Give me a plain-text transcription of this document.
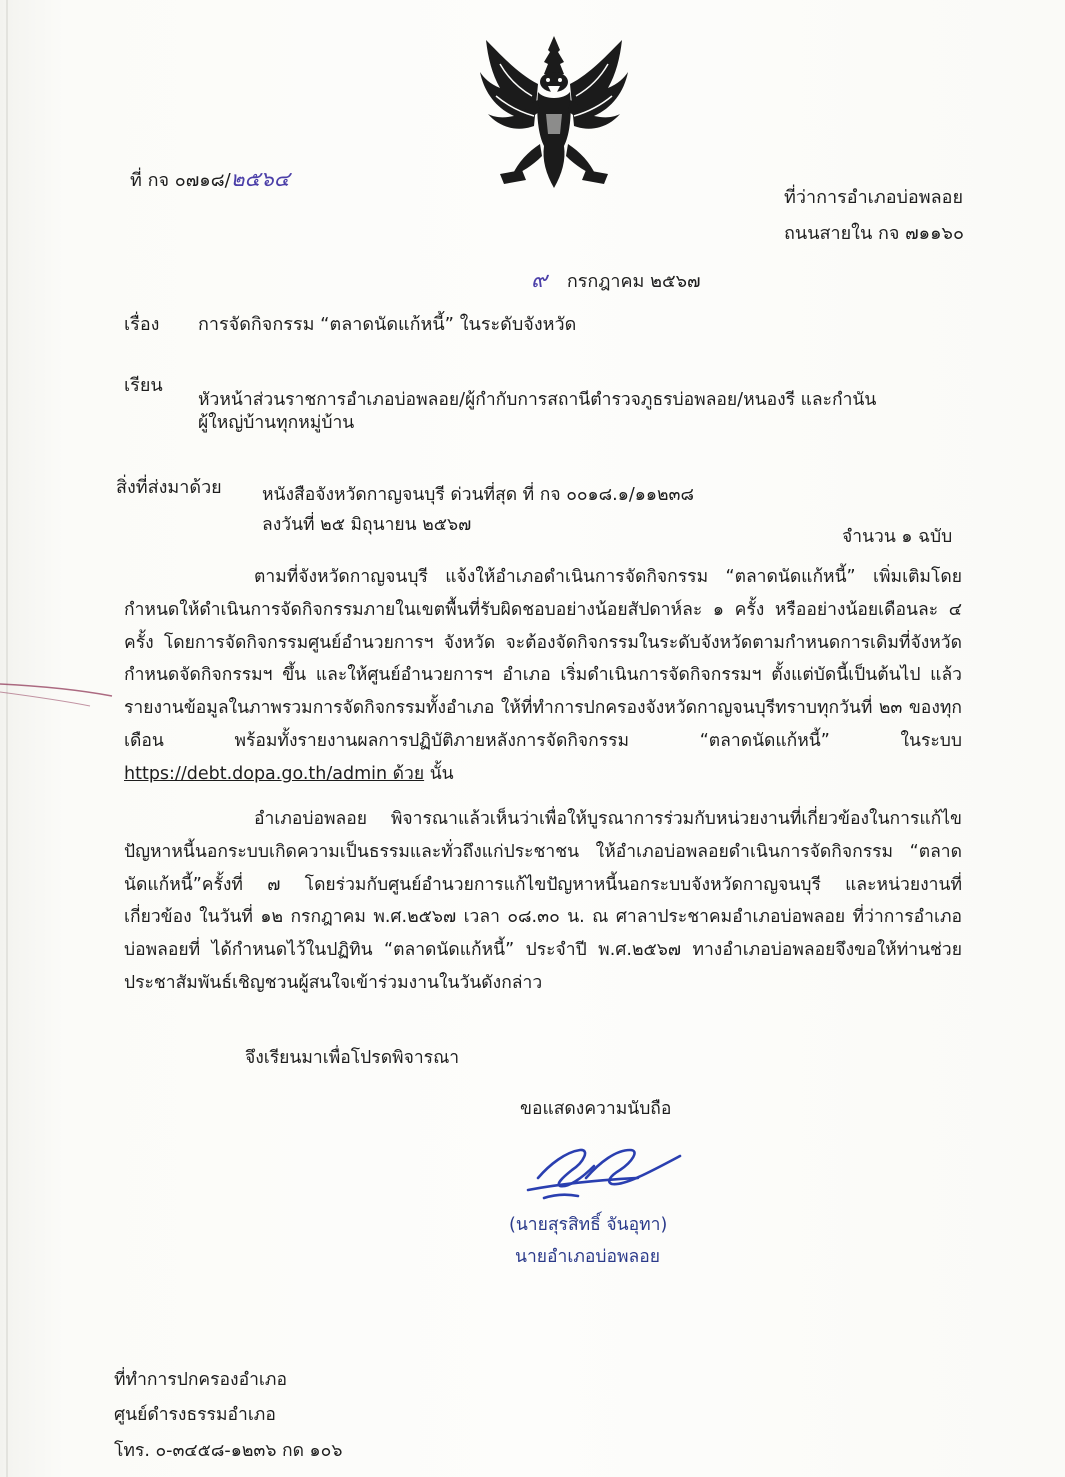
ที่ กจ ๐๗๑๘/๒๕๖๔
ที่ว่าการอำเภอบ่อพลอย
ถนนสายใน กจ ๗๑๑๖๐
๙ กรกฎาคม ๒๕๖๗
เรื่อง การจัดกิจกรรม “ตลาดนัดแก้หนี้” ในระดับจังหวัด
เรียน
หัวหน้าส่วนราชการอำเภอบ่อพลอย/ผู้กำกับการสถานีตำรวจภูธรบ่อพลอย/หนองรี และกำนัน
ผู้ใหญ่บ้านทุกหมู่บ้าน
สิ่งที่ส่งมาด้วย หนังสือจังหวัดกาญจนบุรี ด่วนที่สุด ที่ กจ ๐๐๑๘.๑/๑๑๒๓๘
ลงวันที่ ๒๕ มิถุนายน ๒๕๖๗
จำนวน ๑ ฉบับ
ตามที่จังหวัดกาญจนบุรี แจ้งให้อำเภอดำเนินการจัดกิจกรรม “ตลาดนัดแก้หนี้” เพิ่มเติมโดยกำหนดให้ดำเนินการจัดกิจกรรมภายในเขตพื้นที่รับผิดชอบอย่างน้อยสัปดาห์ละ ๑ ครั้ง หรืออย่างน้อยเดือนละ ๔ ครั้ง โดยการจัดกิจกรรมศูนย์อำนวยการฯ จังหวัด จะต้องจัดกิจกรรมในระดับจังหวัดตามกำหนดการเดิมที่จังหวัดกำหนดจัดกิจกรรมฯ ขึ้น และให้ศูนย์อำนวยการฯ อำเภอ เริ่มดำเนินการจัดกิจกรรมฯ ตั้งแต่บัดนี้เป็นต้นไป แล้วรายงานข้อมูลในภาพรวมการจัดกิจกรรมทั้งอำเภอ ให้ที่ทำการปกครองจังหวัดกาญจนบุรีทราบทุกวันที่ ๒๓ ของทุกเดือน พร้อมทั้งรายงานผลการปฏิบัติภายหลังการจัดกิจกรรม “ตลาดนัดแก้หนี้” ในระบบ https://debt.dopa.go.th/admin ด้วย นั้น
อำเภอบ่อพลอย พิจารณาแล้วเห็นว่าเพื่อให้บูรณาการร่วมกับหน่วยงานที่เกี่ยวข้องในการแก้ไขปัญหาหนี้นอกระบบเกิดความเป็นธรรมและทั่วถึงแก่ประชาชน ให้อำเภอบ่อพลอยดำเนินการจัดกิจกรรม “ตลาดนัดแก้หนี้”ครั้งที่ ๗ โดยร่วมกับศูนย์อำนวยการแก้ไขปัญหาหนี้นอกระบบจังหวัดกาญจนบุรี และหน่วยงานที่เกี่ยวข้อง ในวันที่ ๑๒ กรกฎาคม พ.ศ.๒๕๖๗ เวลา ๐๘.๓๐ น. ณ ศาลาประชาคมอำเภอบ่อพลอย ที่ว่าการอำเภอบ่อพลอยที่ ได้กำหนดไว้ในปฏิทิน “ตลาดนัดแก้หนี้” ประจำปี พ.ศ.๒๕๖๗ ทางอำเภอบ่อพลอยจึงขอให้ท่านช่วยประชาสัมพันธ์เชิญชวนผู้สนใจเข้าร่วมงานในวันดังกล่าว
จึงเรียนมาเพื่อโปรดพิจารณา
ขอแสดงความนับถือ
(นายสุรสิทธิ์ จันอุทา)
นายอำเภอบ่อพลอย
ที่ทำการปกครองอำเภอ
ศูนย์ดำรงธรรมอำเภอ
โทร. ๐-๓๔๕๘-๑๒๓๖ กด ๑๐๖
